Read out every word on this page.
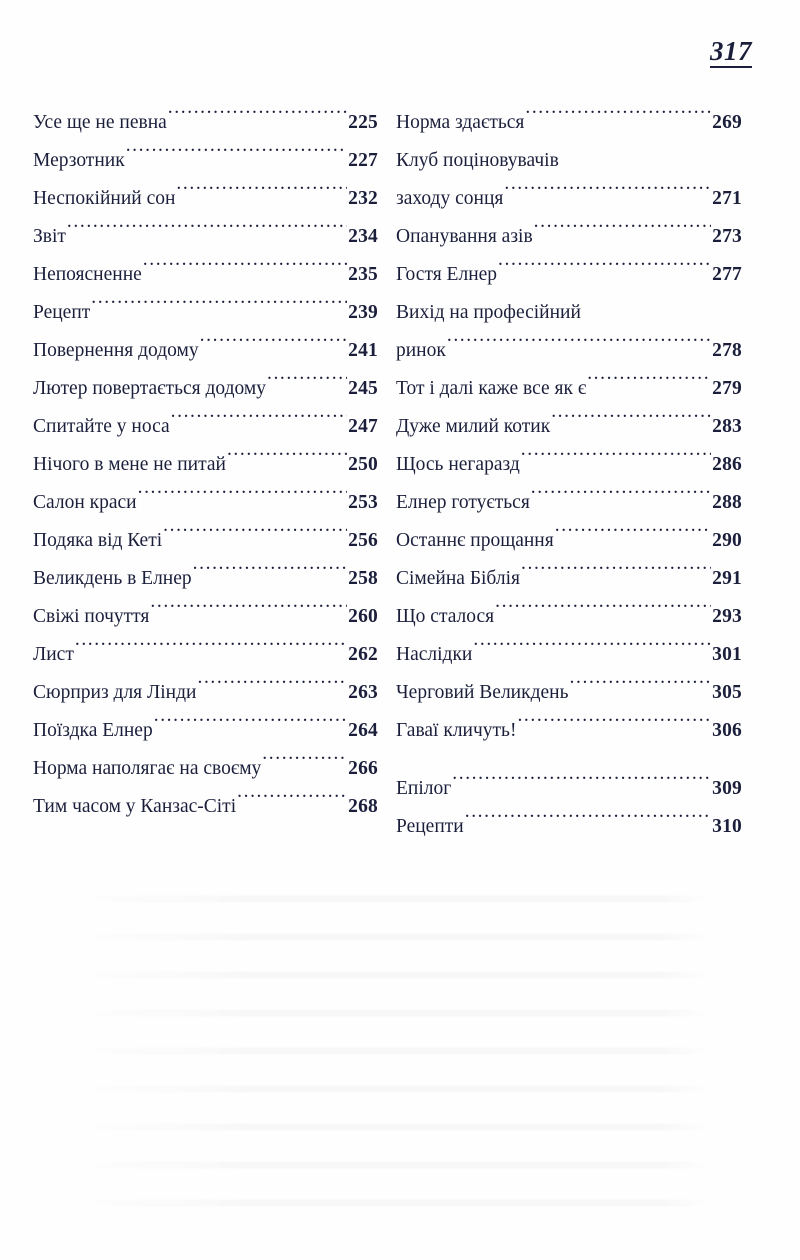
317
Усе ще не певна .....	225
Мерзотник .....	227
Неспокійний сон .....	232
Звіт .....	234
Непоясненне .....	235
Рецепт .....	239
Повернення додому .....	241
Лютер повертається додому .....	245
Спитайте у носа .....	247
Нічого в мене не питай .....	250
Салон краси .....	253
Подяка від Кеті .....	256
Великдень в Елнер .....	258
Свіжі почуття .....	260
Лист .....	262
Сюрприз для Лінди .....	263
Поїздка Елнер .....	264
Норма наполягає на своєму .....	266
Тим часом у Канзас-Сіті .....	268
Норма здається .....	269
Клуб поціновувачів
заходу сонця .....	271
Опанування азів .....	273
Гостя Елнер .....	277
Вихід на професійний
ринок .....	278
Тот і далі каже все як є .....	279
Дуже милий котик .....	283
Щось негаразд .....	286
Елнер готується .....	288
Останнє прощання .....	290
Сімейна Біблія .....	291
Що сталося .....	293
Наслідки .....	301
Черговий Великдень .....	305
Гаваї кличуть! .....	306
Епілог .....	309
Рецепти .....	310
